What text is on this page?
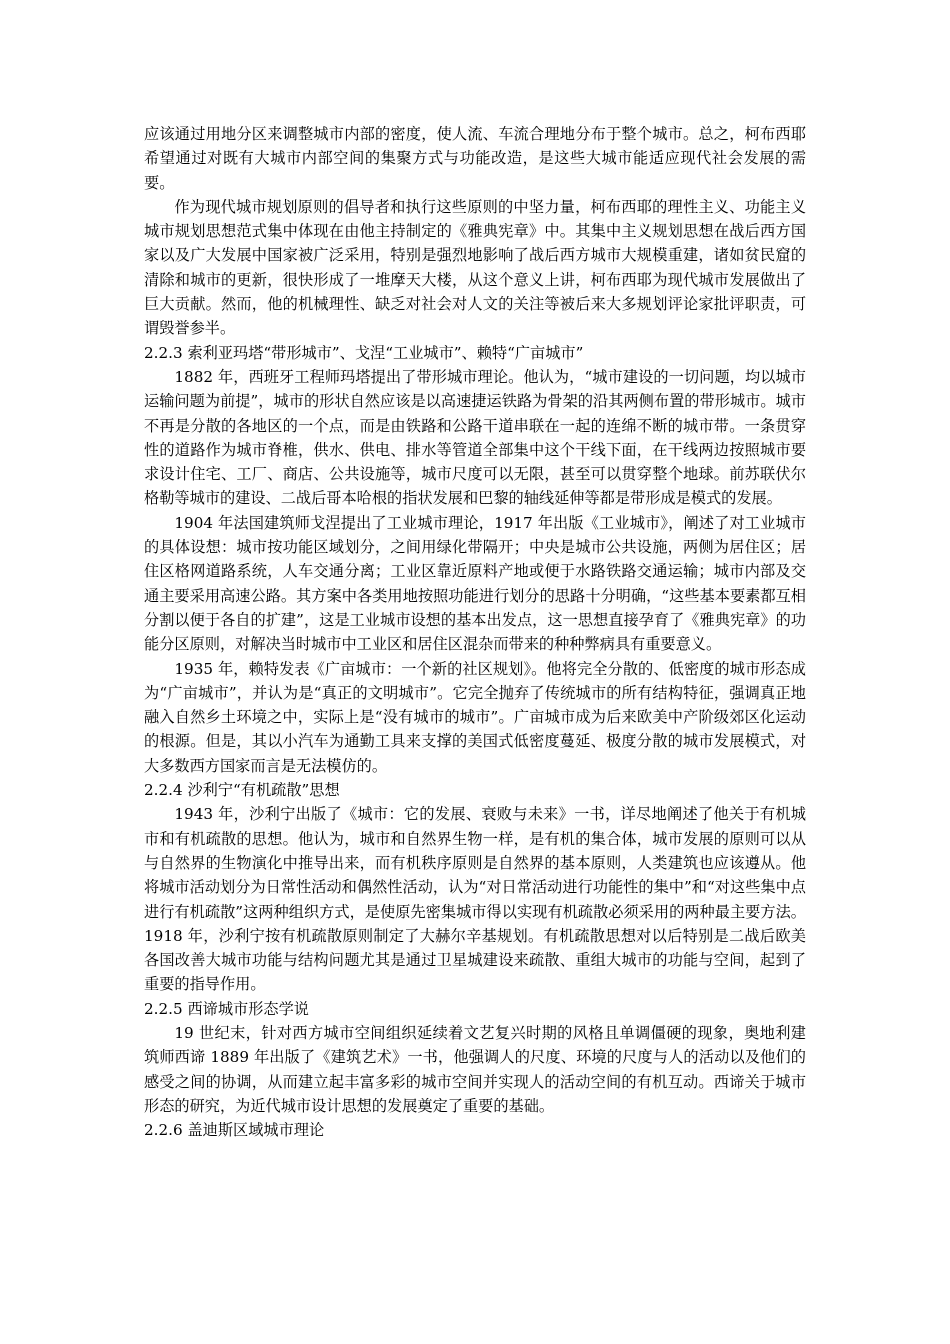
应该通过用地分区来调整城市内部的密度，使人流、车流合理地分布于整个城市。总之，柯布西耶希望通过对既有大城市内部空间的集聚方式与功能改造，是这些大城市能适应现代社会发展的需要。

作为现代城市规划原则的倡导者和执行这些原则的中坚力量，柯布西耶的理性主义、功能主义城市规划思想范式集中体现在由他主持制定的《雅典宪章》中。其集中主义规划思想在战后西方国家以及广大发展中国家被广泛采用，特别是强烈地影响了战后西方城市大规模重建，诸如贫民窟的清除和城市的更新，很快形成了一堆摩天大楼，从这个意义上讲，柯布西耶为现代城市发展做出了巨大贡献。然而，他的机械理性、缺乏对社会对人文的关注等被后来大多规划评论家批评职责，可谓毁誉参半。

2.2.3 索利亚玛塔“带形城市”、戈涅“工业城市”、赖特“广亩城市”

1882 年，西班牙工程师玛塔提出了带形城市理论。他认为，“城市建设的一切问题，均以城市运输问题为前提”，城市的形状自然应该是以高速捷运铁路为骨架的沿其两侧布置的带形城市。城市不再是分散的各地区的一个点，而是由铁路和公路干道串联在一起的连绵不断的城市带。一条贯穿性的道路作为城市脊椎，供水、供电、排水等管道全部集中这个干线下面，在干线两边按照城市要求设计住宅、工厂、商店、公共设施等，城市尺度可以无限，甚至可以贯穿整个地球。前苏联伏尔格勒等城市的建设、二战后哥本哈根的指状发展和巴黎的轴线延伸等都是带形成是模式的发展。

1904 年法国建筑师戈涅提出了工业城市理论，1917 年出版《工业城市》，阐述了对工业城市的具体设想：城市按功能区域划分，之间用绿化带隔开；中央是城市公共设施，两侧为居住区；居住区格网道路系统，人车交通分离；工业区靠近原料产地或便于水路铁路交通运输；城市内部及交通主要采用高速公路。其方案中各类用地按照功能进行划分的思路十分明确，“这些基本要素都互相分割以便于各自的扩建”，这是工业城市设想的基本出发点，这一思想直接孕育了《雅典宪章》的功能分区原则，对解决当时城市中工业区和居住区混杂而带来的种种弊病具有重要意义。

1935 年，赖特发表《广亩城市：一个新的社区规划》。他将完全分散的、低密度的城市形态成为“广亩城市”，并认为是“真正的文明城市”。它完全抛弃了传统城市的所有结构特征，强调真正地融入自然乡土环境之中，实际上是“没有城市的城市”。广亩城市成为后来欧美中产阶级郊区化运动的根源。但是，其以小汽车为通勤工具来支撑的美国式低密度蔓延、极度分散的城市发展模式，对大多数西方国家而言是无法模仿的。

2.2.4 沙利宁“有机疏散”思想

1943 年，沙利宁出版了《城市：它的发展、衰败与未来》一书，详尽地阐述了他关于有机城市和有机疏散的思想。他认为，城市和自然界生物一样，是有机的集合体，城市发展的原则可以从与自然界的生物演化中推导出来，而有机秩序原则是自然界的基本原则，人类建筑也应该遵从。他将城市活动划分为日常性活动和偶然性活动，认为“对日常活动进行功能性的集中”和“对这些集中点进行有机疏散”这两种组织方式，是使原先密集城市得以实现有机疏散必须采用的两种最主要方法。1918 年，沙利宁按有机疏散原则制定了大赫尔辛基规划。有机疏散思想对以后特别是二战后欧美各国改善大城市功能与结构问题尤其是通过卫星城建设来疏散、重组大城市的功能与空间，起到了重要的指导作用。

2.2.5 西谛城市形态学说

19 世纪末，针对西方城市空间组织延续着文艺复兴时期的风格且单调僵硬的现象，奥地利建筑师西谛 1889 年出版了《建筑艺术》一书，他强调人的尺度、环境的尺度与人的活动以及他们的感受之间的协调，从而建立起丰富多彩的城市空间并实现人的活动空间的有机互动。西谛关于城市形态的研究，为近代城市设计思想的发展奠定了重要的基础。

2.2.6 盖迪斯区域城市理论
